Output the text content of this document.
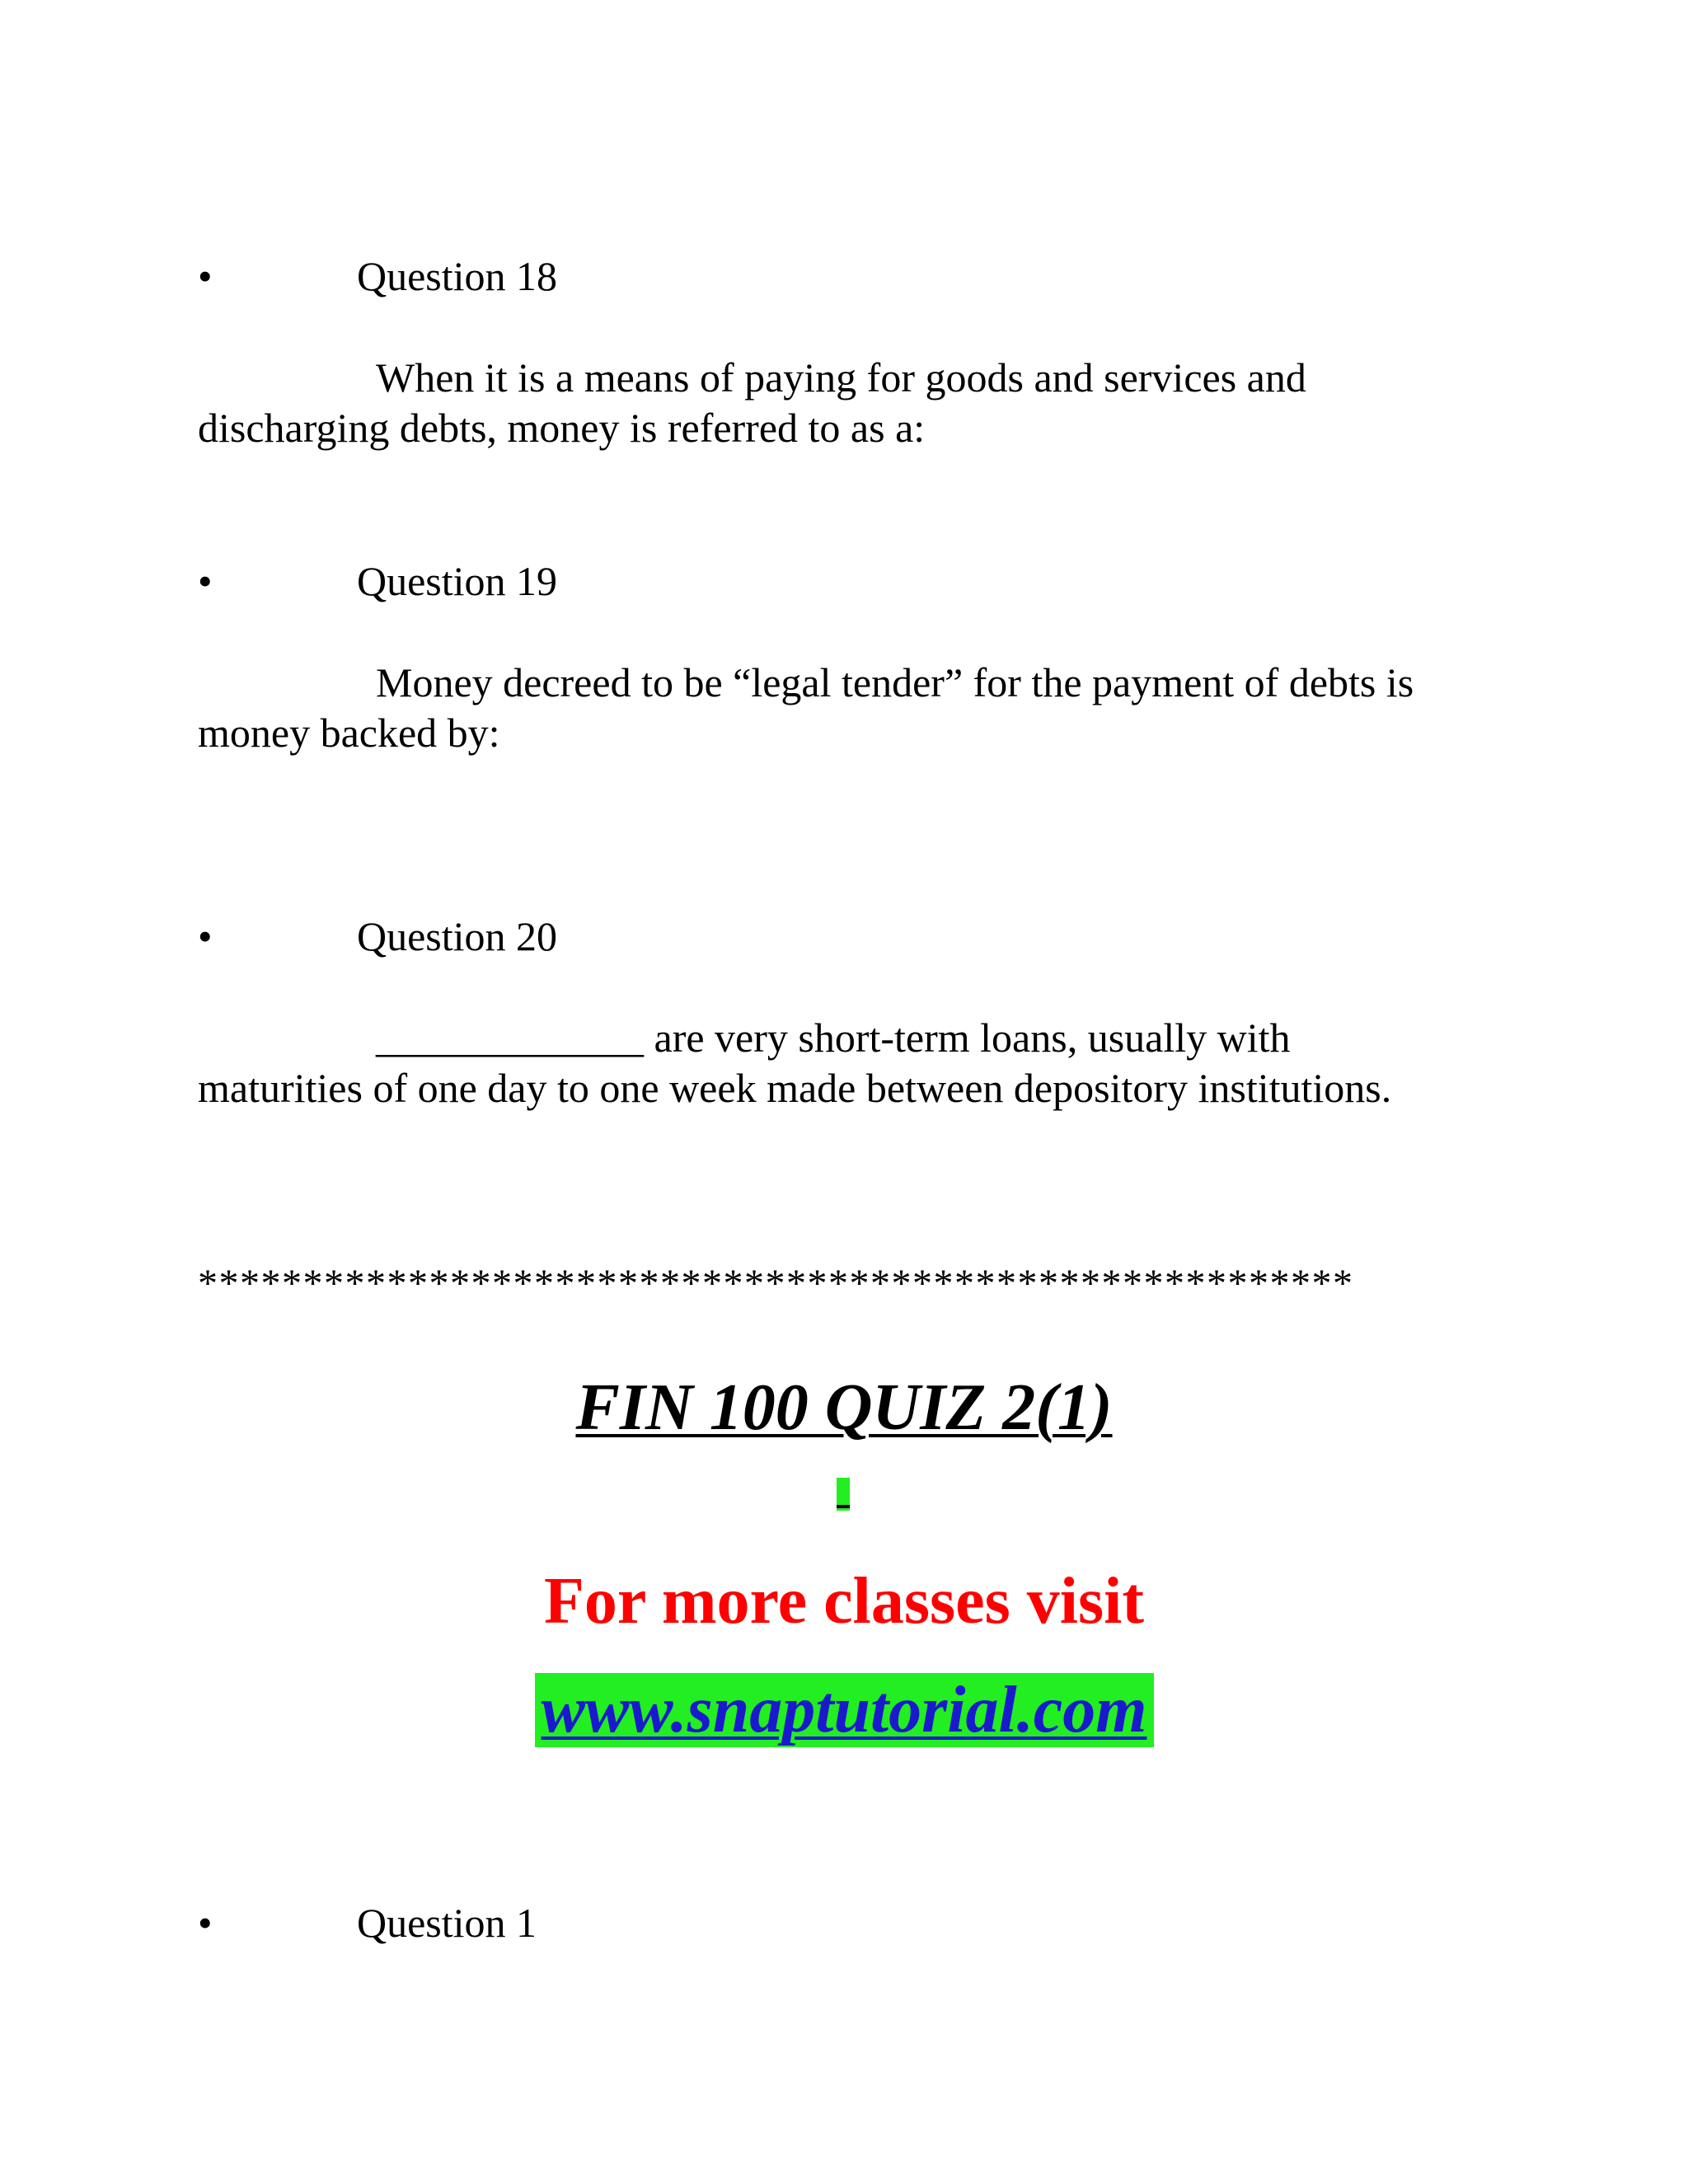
•	Question 18
When it is a means of paying for goods and services and
discharging debts, money is referred to as a:
•	Question 19
Money decreed to be “legal tender” for the payment of debts is
money backed by:
•	Question 20
_____________ are very short-term loans, usually with
maturities of one day to one week made between depository institutions.
*******************************************************
FIN 100 QUIZ 2(1)
For more classes visit
www.snaptutorial.com
•	Question 1
